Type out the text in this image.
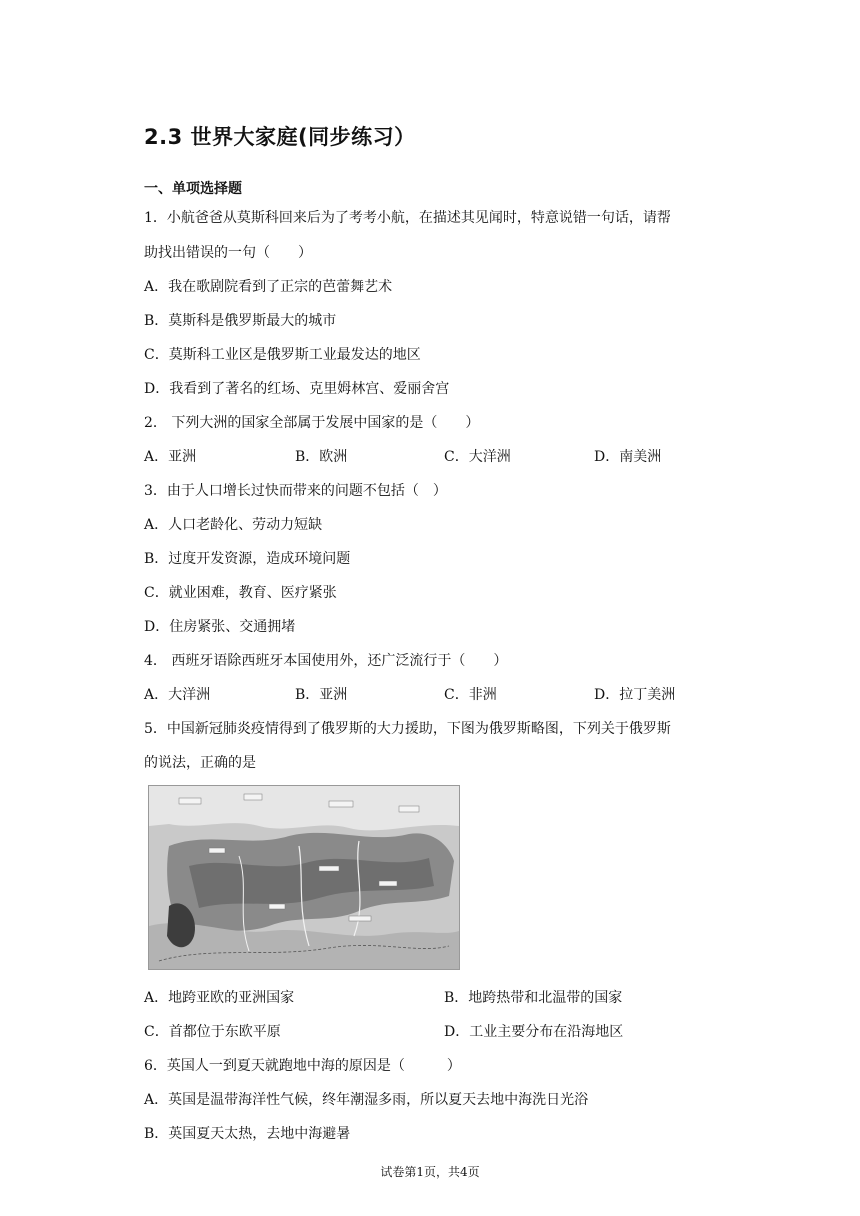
2.3 世界大家庭(同步练习）
一、单项选择题
1．小航爸爸从莫斯科回来后为了考考小航，在描述其见闻时，特意说错一句话，请帮
助找出错误的一句（　　）
A．我在歌剧院看到了正宗的芭蕾舞艺术
B．莫斯科是俄罗斯最大的城市
C．莫斯科工业区是俄罗斯工业最发达的地区
D．我看到了著名的红场、克里姆林宫、爱丽舍宫
2． 下列大洲的国家全部属于发展中国家的是（　　）
A．亚洲	B．欧洲	C．大洋洲	D．南美洲
3．由于人口增长过快而带来的问题不包括（　）
A．人口老龄化、劳动力短缺
B．过度开发资源，造成环境问题
C．就业困难，教育、医疗紧张
D．住房紧张、交通拥堵
4． 西班牙语除西班牙本国使用外，还广泛流行于（　　）
A．大洋洲	B．亚洲	C．非洲	D．拉丁美洲
5．中国新冠肺炎疫情得到了俄罗斯的大力援助，下图为俄罗斯略图，下列关于俄罗斯
的说法，正确的是
A．地跨亚欧的亚洲国家	B．地跨热带和北温带的国家
C．首都位于东欧平原	D．工业主要分布在沿海地区
6．英国人一到夏天就跑地中海的原因是（　　　）
A．英国是温带海洋性气候，终年潮湿多雨，所以夏天去地中海洗日光浴
B．英国夏天太热，去地中海避暑
试卷第1页，共4页
